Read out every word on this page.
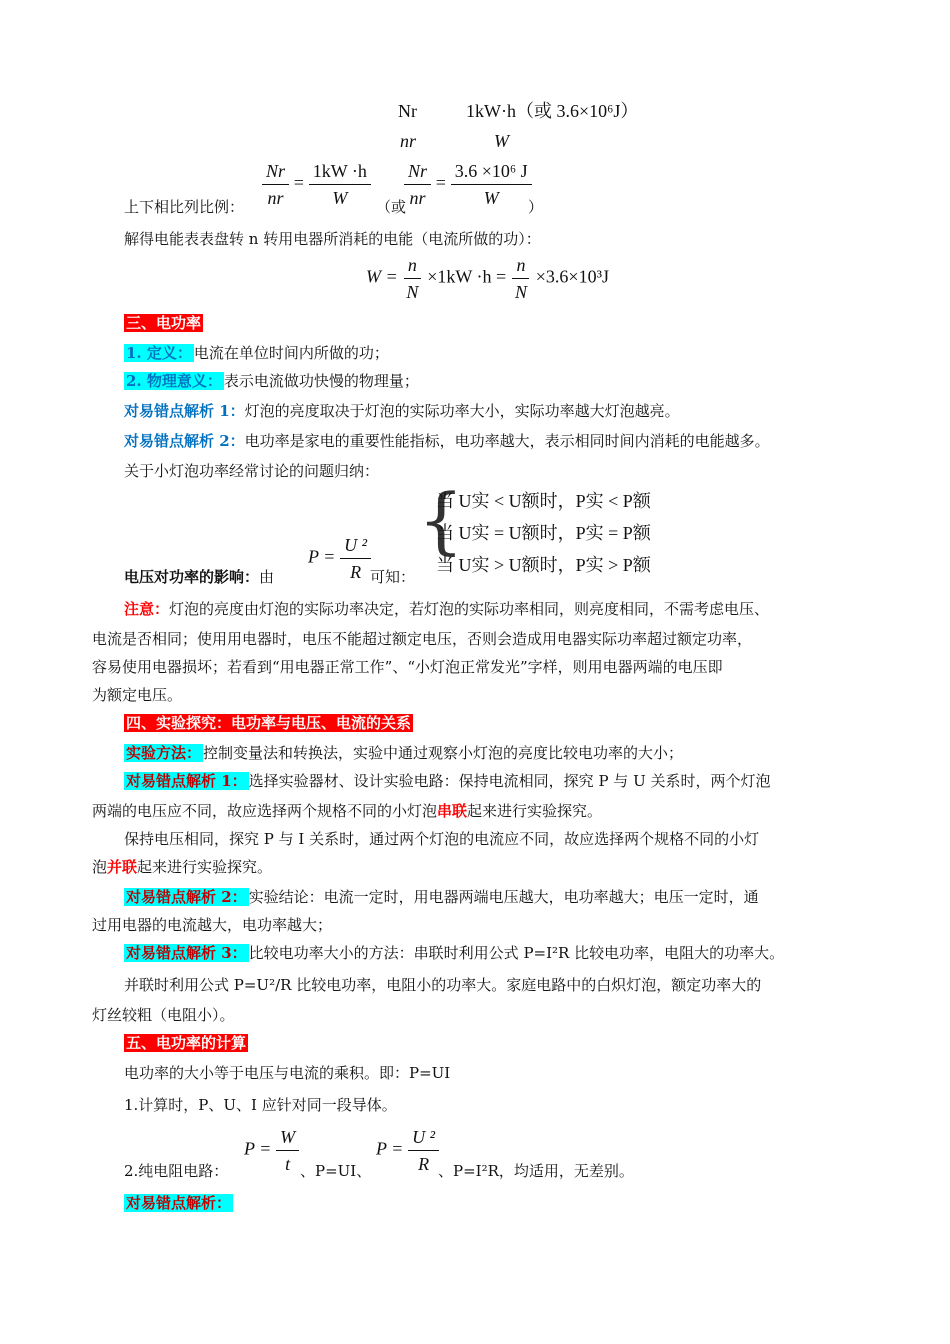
Nr	1kW·h（或 3.6×10⁶J）
nr	W
上下相比列比例： $\frac{Nr}{nr} = \frac{1kW \cdot h}{W}$ （或
$\frac{Nr}{nr} = \frac{\text{3.6 ×10⁶ J}}{W}$
）
解得电能表表盘转 n 转用电器所消耗的电能（电流所做的功）：
$W = \frac{n}{N} \times 1kW \cdot h = \frac{n}{N} \times 3.6\times 10^3J$
三、电功率
1. 定义： 电流在单位时间内所做的功；
2. 物理意义： 表示电流做功快慢的物理量；
对易错点解析 1：灯泡的亮度取决于灯泡的实际功率大小，实际功率越大灯泡越亮。
对易错点解析 2：电功率是家电的重要性能指标，电功率越大，表示相同时间内消耗的电能越多。
关于小灯泡功率经常讨论的问题归纳：
电压对功率的影响：由
$P = \frac{\text{U ²}}{R}$
可知：
{
当 U实 < U额时，P实 < P额
当 U实 = U额时，P实 = P额
当 U实 > U额时，P实 > P额
注意：灯泡的亮度由灯泡的实际功率决定，若灯泡的实际功率相同，则亮度相同，不需考虑电压、
电流是否相同；使用用电器时，电压不能超过额定电压，否则会造成用电器实际功率超过额定功率，
容易使用电器损坏；若看到“用电器正常工作”、“小灯泡正常发光”字样，则用电器两端的电压即
为额定电压。
四、实验探究：电功率与电压、电流的关系
实验方法： 控制变量法和转换法，实验中通过观察小灯泡的亮度比较电功率的大小；
对易错点解析 1： 选择实验器材、设计实验电路：保持电流相同，探究 P 与 U 关系时，两个灯泡
两端的电压应不同，故应选择两个规格不同的小灯泡串联起来进行实验探究。
保持电压相同，探究 P 与 I 关系时，通过两个灯泡的电流应不同，故应选择两个规格不同的小灯
泡并联起来进行实验探究。
对易错点解析 2： 实验结论：电流一定时，用电器两端电压越大，电功率越大；电压一定时，通
过用电器的电流越大，电功率越大；
对易错点解析 3： 比较电功率大小的方法：串联时利用公式 P=I²R 比较电功率，电阻大的功率大。
并联时利用公式 P=U²/R 比较电功率，电阻小的功率大。家庭电路中的白炽灯泡，额定功率大的
灯丝较粗（电阻小）。
五、电功率的计算
电功率的大小等于电压与电流的乘积。即：P=UI
1.计算时，P、U、I 应针对同一段导体。
2.纯电阻电路：
$P = \frac{W}{t}$ 、P=UI、
$P = \frac{\text{U ²}}{R}$
、P=I²R，均适用，无差别。
对易错点解析：
